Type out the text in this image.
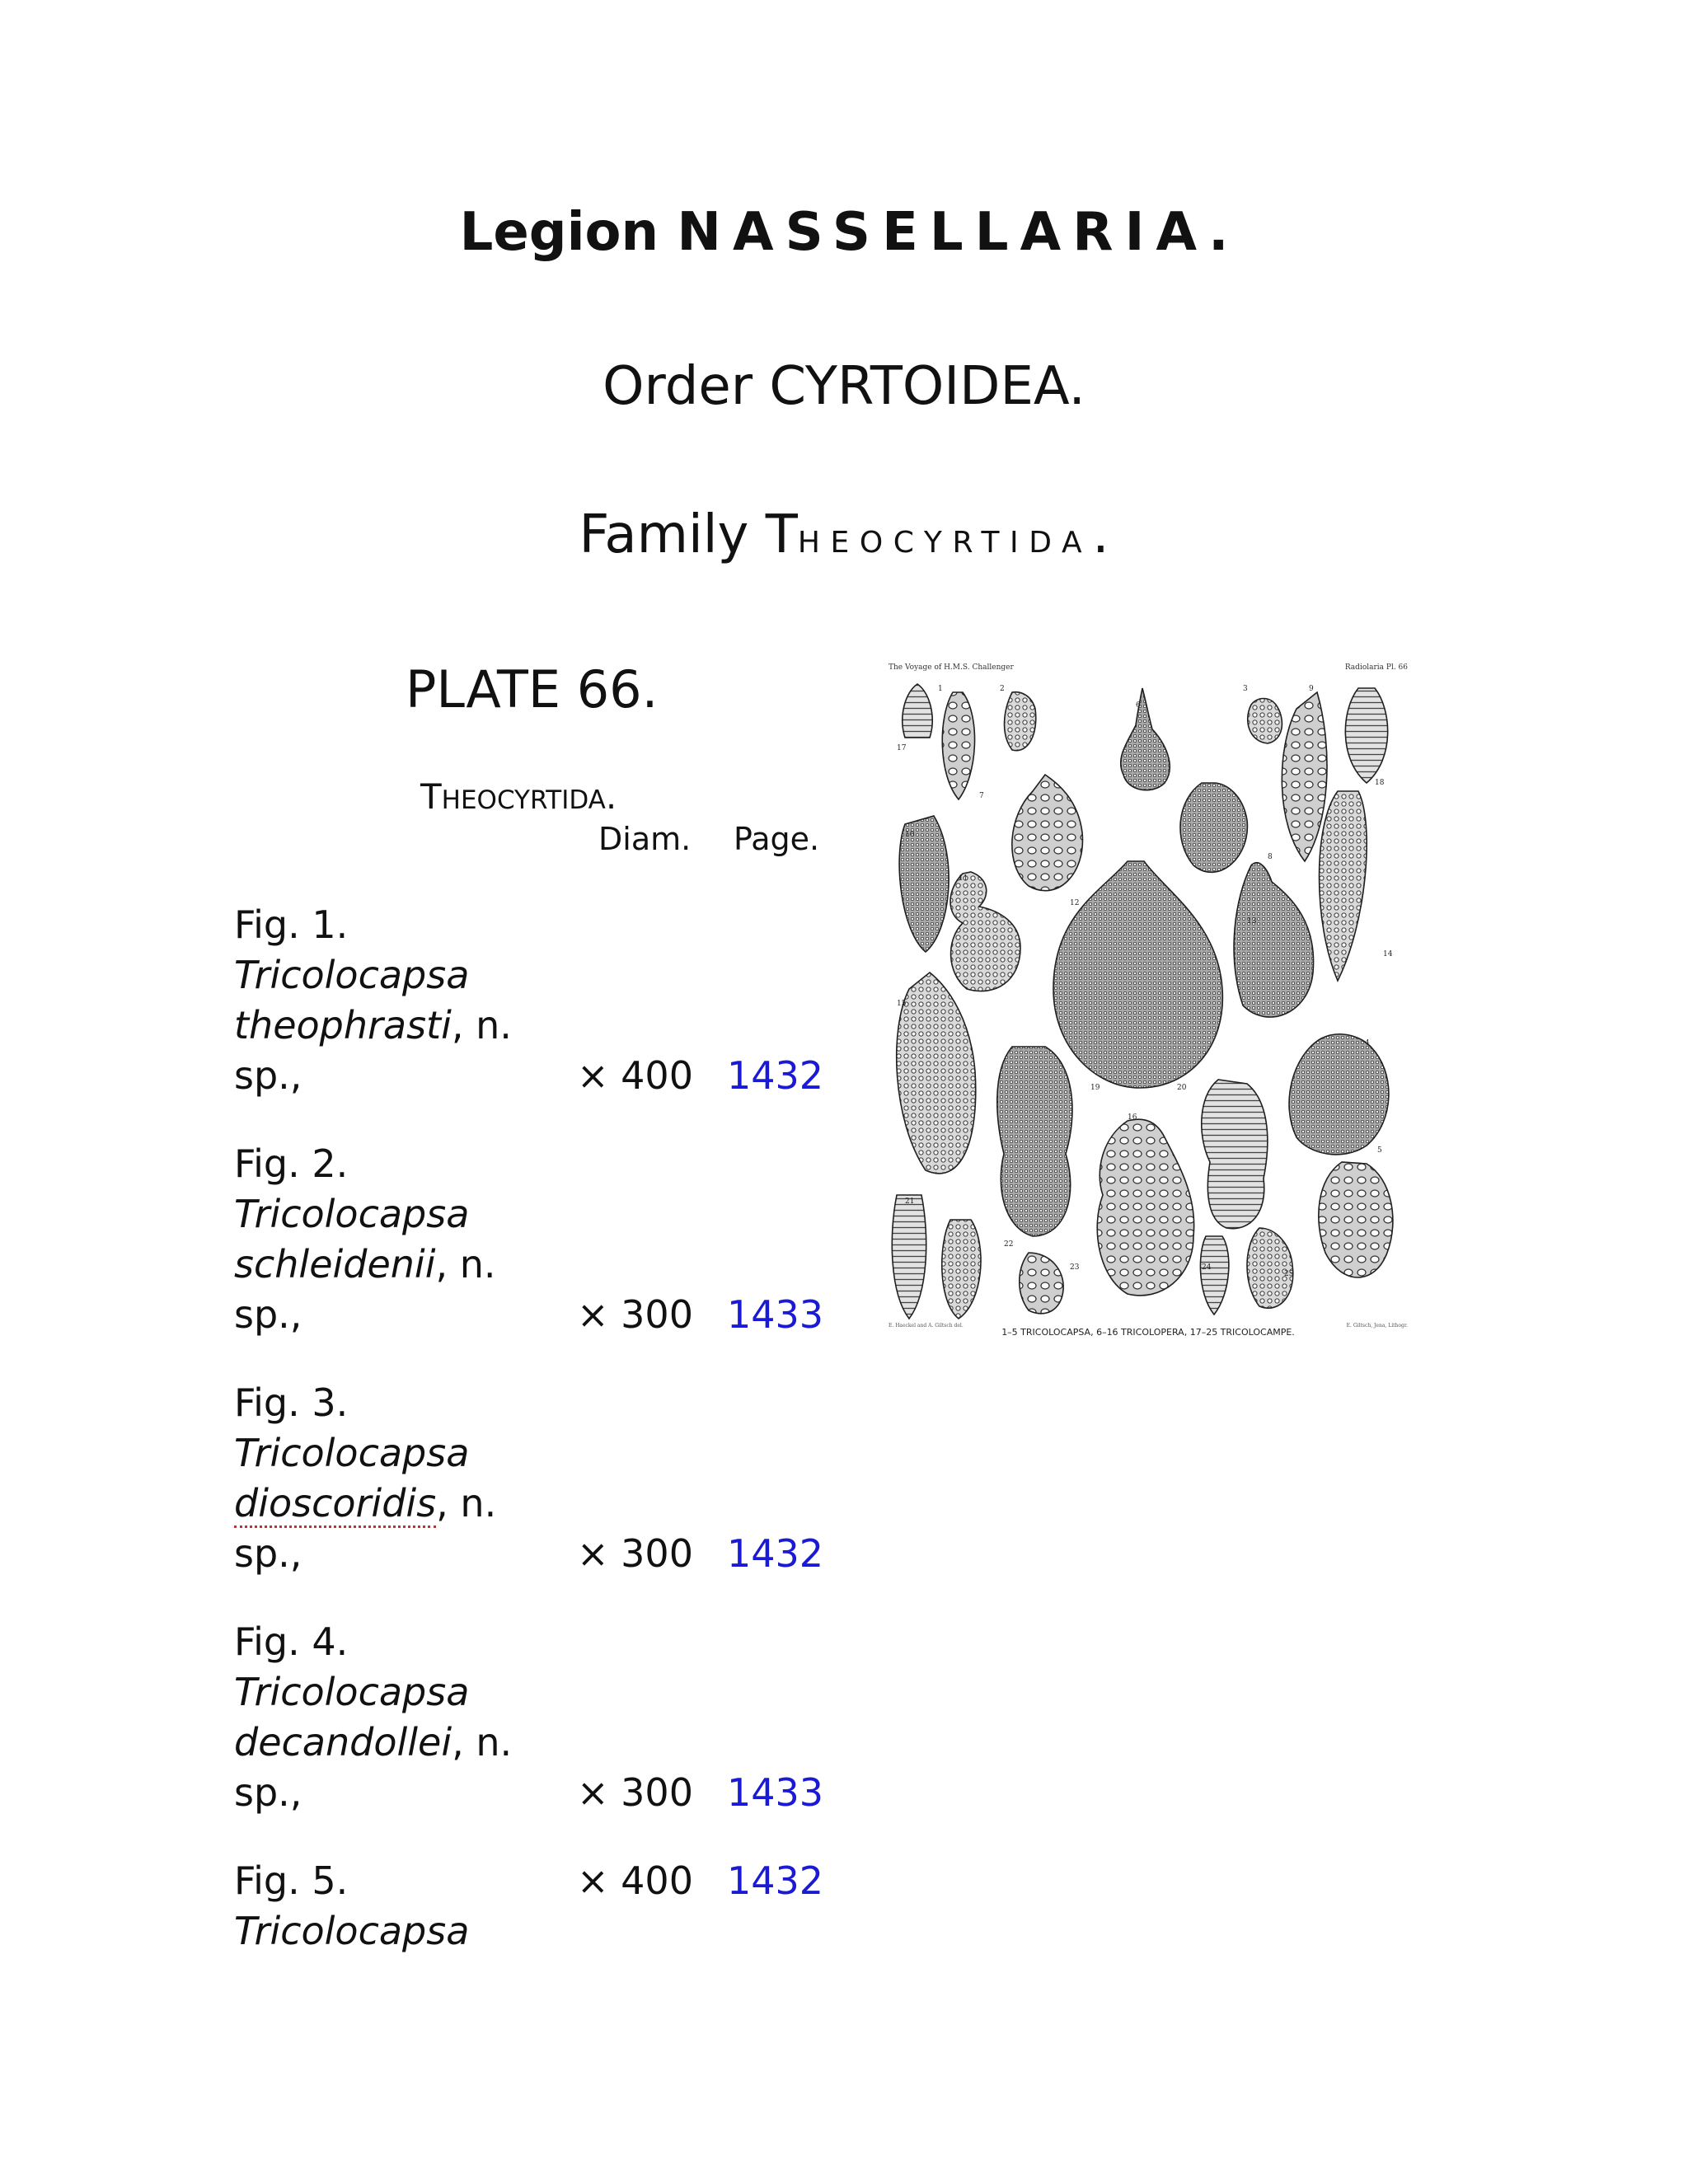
Legion NASSELLARIA.
Order CYRTOIDEA.
Family THEOCYRTIDA.
PLATE 66.
THEOCYRTIDA.
Diam. Page.
Fig. 1.
Tricolocapsa
theophrasti, n.
sp.,	× 400 1432
Fig. 2.
Tricolocapsa
schleidenii, n.
sp.,	× 300 1433
Fig. 3.
Tricolocapsa
dioscoridis, n.
sp.,	× 300 1432
Fig. 4.
Tricolocapsa
decandollei, n.
sp.,	× 300 1433
Fig. 5.
Tricolocapsa
× 400 1432
The Voyage of H.M.S. Challenger	Radiolaria Pl. 66
1	2	3
4
5
6
7
8
9
10
11
12
13
14
15
16
17
18
19	20
21
22
23	24
25
1–5 TRICOLOCAPSA, 6–16 TRICOLOPERA, 17–25 TRICOLOCAMPE.
E. Haeckel and A. Giltsch del.	E. Giltsch, Jena, Lithogr.
